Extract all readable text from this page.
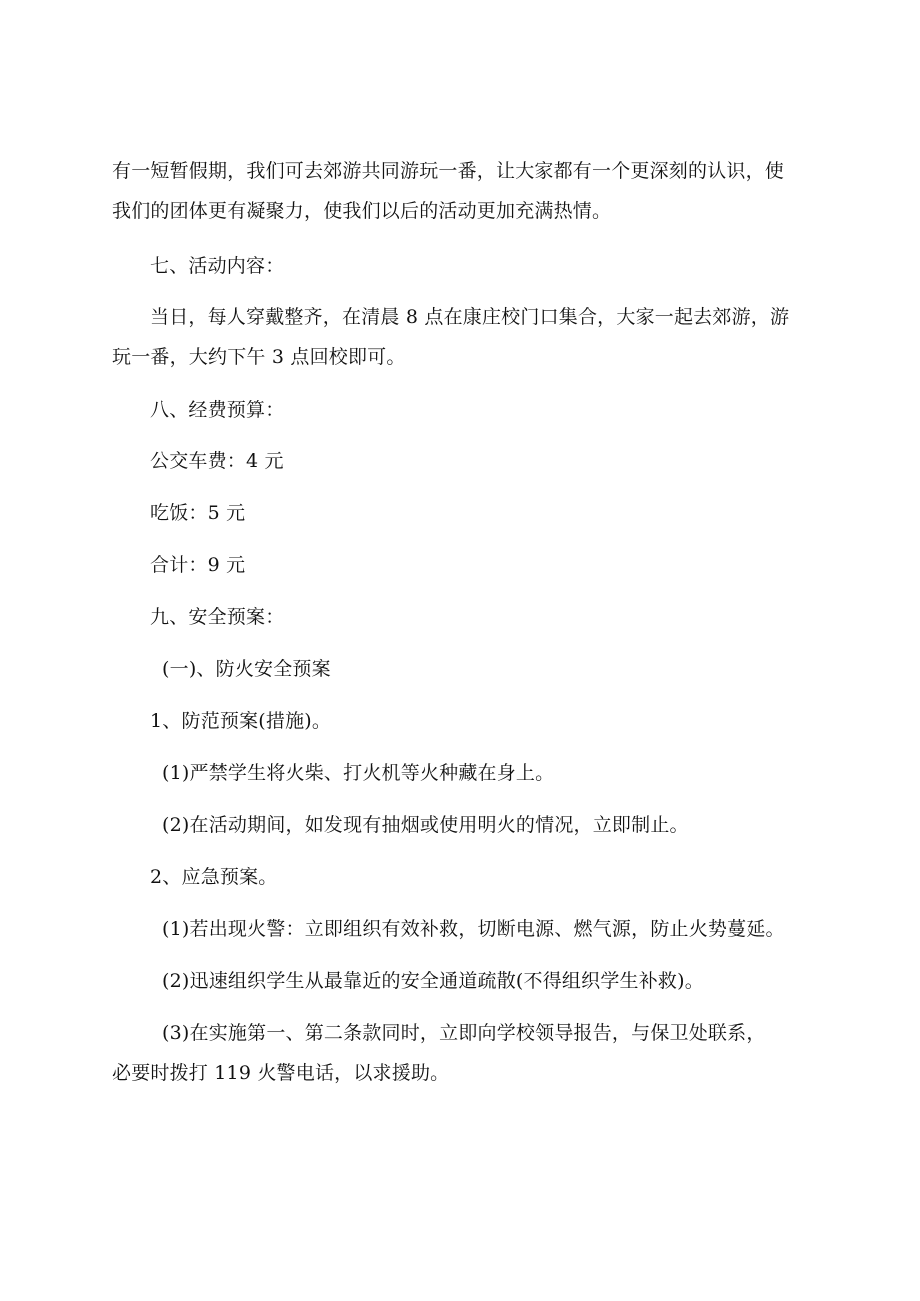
有一短暂假期，我们可去郊游共同游玩一番，让大家都有一个更深刻的认识，使
我们的团体更有凝聚力，使我们以后的活动更加充满热情。

七、活动内容：

当日，每人穿戴整齐，在清晨 8 点在康庄校门口集合，大家一起去郊游，游
玩一番，大约下午 3 点回校即可。

八、经费预算：

公交车费：4 元

吃饭：5 元

合计：9 元

九、安全预案：

(一)、防火安全预案

1、防范预案(措施)。

(1)严禁学生将火柴、打火机等火种藏在身上。

(2)在活动期间，如发现有抽烟或使用明火的情况，立即制止。

2、应急预案。

(1)若出现火警：立即组织有效补救，切断电源、燃气源，防止火势蔓延。

(2)迅速组织学生从最靠近的安全通道疏散(不得组织学生补救)。

(3)在实施第一、第二条款同时，立即向学校领导报告，与保卫处联系，
必要时拨打 119 火警电话，以求援助。
